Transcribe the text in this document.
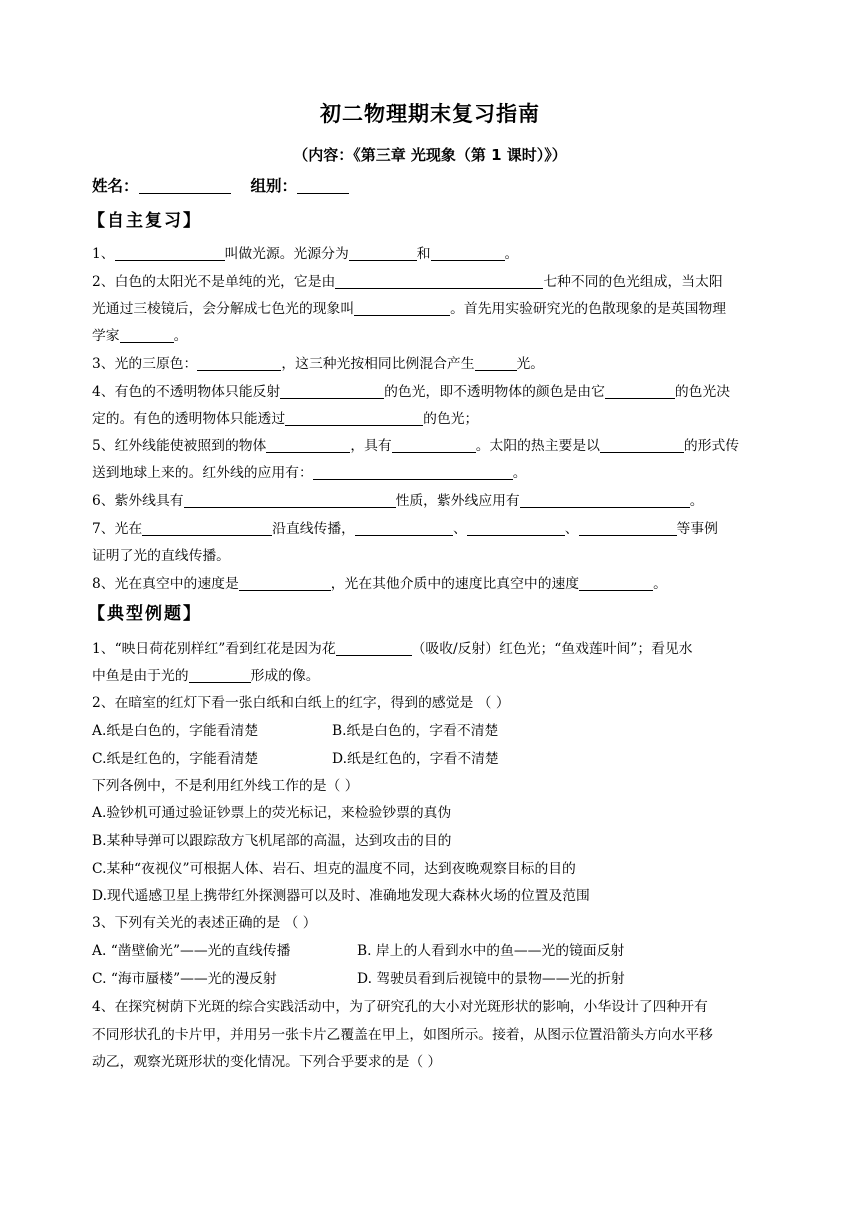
初二物理期末复习指南
（内容：《第三章 光现象（第 1 课时）》）
姓名：	组别：
【自主复习】
1、	叫做光源。光源分为	和	。
2、白色的太阳光不是单纯的光，它是由	七种不同的色光组成，当太阳
光通过三棱镜后，会分解成七色光的现象叫	。首先用实验研究光的色散现象的是英国物理
学家	。
3、光的三原色：	，这三种光按相同比例混合产生	光。
4、有色的不透明物体只能反射	的色光，即不透明物体的颜色是由它	的色光决
定的。有色的透明物体只能透过	的色光；
5、红外线能使被照到的物体	，具有	。太阳的热主要是以	的形式传
送到地球上来的。红外线的应用有：	。
6、紫外线具有	性质，紫外线应用有	。
7、光在	沿直线传播，	、	、	等事例
证明了光的直线传播。
8、光在真空中的速度是	，光在其他介质中的速度比真空中的速度	。
【典型例题】
1、“映日荷花别样红”看到红花是因为花	（吸收/反射）红色光；“鱼戏莲叶间”；看见水
中鱼是由于光的	形成的像。
2、在暗室的红灯下看一张白纸和白纸上的红字，得到的感觉是 （ ）
A.纸是白色的，字能看清楚	B.纸是白色的，字看不清楚
C.纸是红色的，字能看清楚	D.纸是红色的，字看不清楚
下列各例中，不是利用红外线工作的是（ ）
A.验钞机可通过验证钞票上的荧光标记，来检验钞票的真伪
B.某种导弹可以跟踪敌方飞机尾部的高温，达到攻击的目的
C.某种“夜视仪”可根据人体、岩石、坦克的温度不同，达到夜晚观察目标的目的
D.现代遥感卫星上携带红外探测器可以及时、准确地发现大森林火场的位置及范围
3、下列有关光的表述正确的是 （ ）
A. “凿壁偷光”——光的直线传播	B. 岸上的人看到水中的鱼——光的镜面反射
C. “海市蜃楼”——光的漫反射	D. 驾驶员看到后视镜中的景物——光的折射
4、在探究树荫下光斑的综合实践活动中，为了研究孔的大小对光斑形状的影响，小华设计了四种开有
不同形状孔的卡片甲，并用另一张卡片乙覆盖在甲上，如图所示。接着，从图示位置沿箭头方向水平移
动乙，观察光斑形状的变化情况。下列合乎要求的是（ ）
